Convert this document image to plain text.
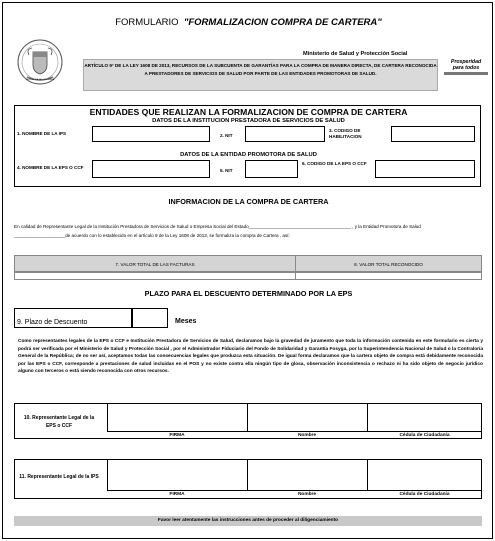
FORMULARIO "FORMALIZACION COMPRA DE CARTERA"
REPÚBLICA DE COLOMBIA
Ministerio de Salud y Protección Social
ARTÍCULO 9° DE LA LEY 1608 DE 2013, RECURSOS DE LA SUBCUENTA DE GARANTÍAS PARA LA COMPRA DE MANERA DIRECTA, DE CARTERA RECONOCIDA A PRESTADORES DE SERVICIOS DE SALUD POR PARTE DE LAS ENTIDADES PROMOTORAS DE SALUD.
Prosperidad
para todos
ENTIDADES QUE REALIZAN LA FORMALIZACION DE COMPRA DE CARTERA
DATOS DE LA INSTITUCION PRESTADORA DE SERVICIOS DE SALUD
1. NOMBRE DE LA IPS	2. NIT
3. CODIGO DE HABILITACION
DATOS DE LA ENTIDAD PROMOTORA DE SALUD
4. NOMBRE DE LA EPS O CCF
5. NIT
6. CODIGO DE LA EPS O CCF
INFORMACION DE LA COMPRA DE CARTERA
En calidad de Representante Legal de la Institución Prestadora de Servicios de Salud o Empresa Social del Estado________________________________________ , y la Entidad Promotora de Salud
____________________de acuerdo con lo establecido en el artículo 9 de la Ley 1608 de 2013, se formaliza la compra de Cartera , así:
7. VALOR TOTAL DE LAS FACTURAS	8. VALOR TOTAL RECONOCIDO
PLAZO PARA EL DESCUENTO DETERMINADO POR LA EPS
9. Plazo de Descuento	Meses
Como representantes legales de la EPS o CCF e Institución Prestadora de Servicios de Salud, declaramos bajo la gravedad de juramento que toda la información contenida en este formulario es cierta y podrá ser verificada por el Ministerio de Salud y Protección Social , por el Administrador Fiduciario del Fondo de Solidaridad y Garantía Fosyga, por la Superintendencia Nacional de Salud o la Contraloría General de la República; de no ser así, aceptamos todas las consecuencias legales que produzca esta situación. De igual forma declaramos que la cartera objeto de compra está debidamente reconocida por las EPS o CCF, corresponde a prestaciones de salud incluidas en el POS y no existe contra ella ningún tipo de glosa, observación inconsistencia o rechazo ni ha sido objeto de negocio jurídico alguno con terceros o está siendo reconocida con otros recursos.
10. Representante Legal de la EPS o CCF
FIRMA	Nombre	Cédula de Ciudadanía
11. Representante Legal de la IPS
FIRMA	Nombre	Cédula de Ciudadanía
Favor leer atentamente las instrucciones antes de proceder al diligenciamiento
